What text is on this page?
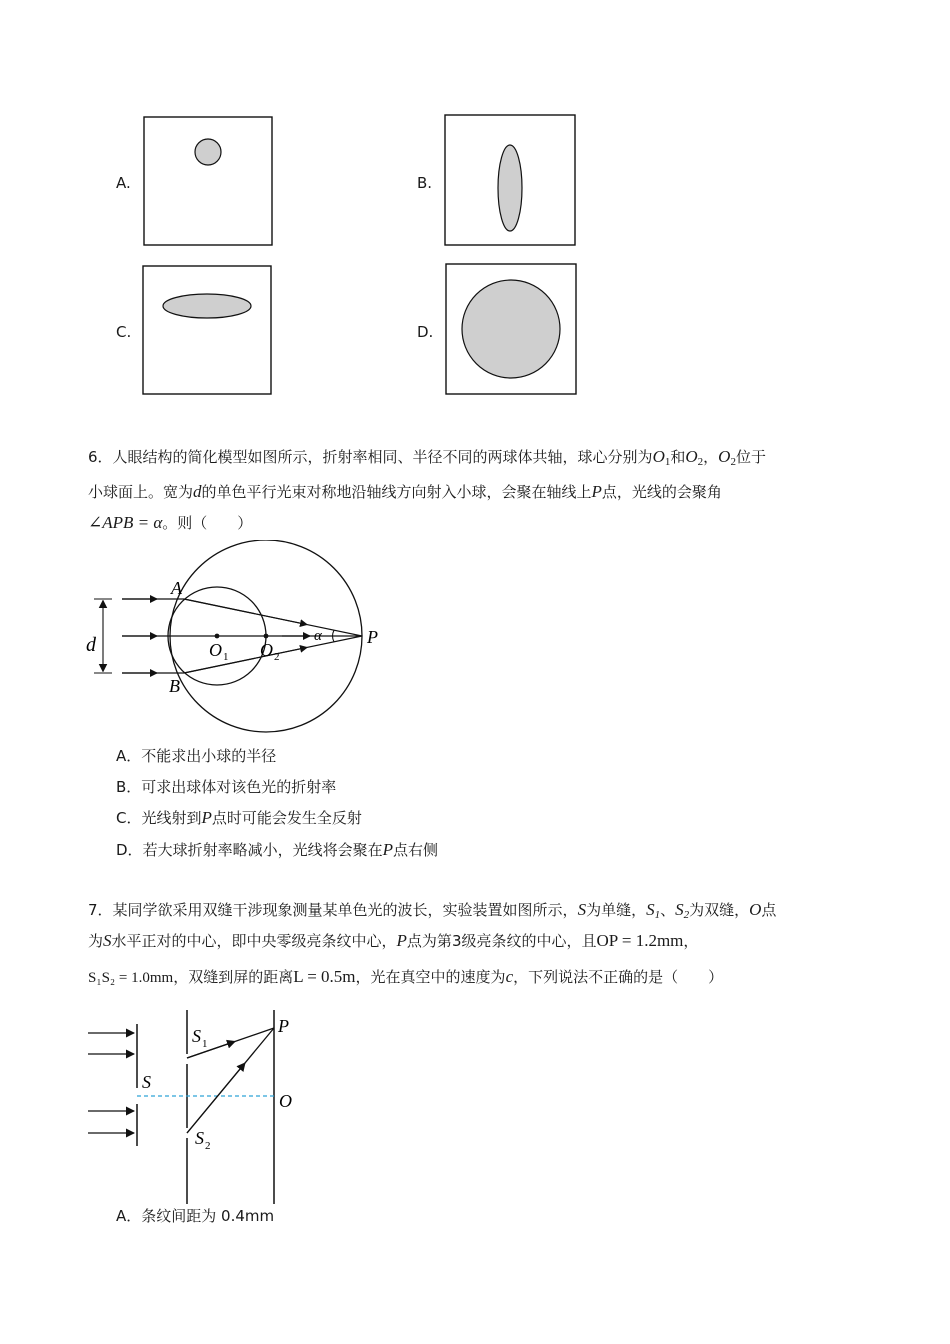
A.	B.
C.	D.
6．人眼结构的简化模型如图所示，折射率相同、半径不同的两球体共轴，球心分别为$O_1$和$O_2$，$O_2$位于
小球面上。宽为d的单色平行光束对称地沿轴线方向射入小球，会聚在轴线上P点，光线的会聚角
∠APB = α。则（　　）
d
A
B
O 1 O 2
α	P
A．不能求出小球的半径
B．可求出球体对该色光的折射率
C．光线射到P点时可能会发生全反射
D．若大球折射率略减小，光线将会聚在P点右侧
7．某同学欲采用双缝干涉现象测量某单色光的波长，实验装置如图所示，S为单缝，$S_1$、$S_2$为双缝，O点
为S水平正对的中心，即中央零级亮条纹中心，P点为第3级亮条纹的中心，且OP = 1.2mm，
S₁S₂ = 1.0mm，双缝到屏的距离L = 0.5m，光在真空中的速度为c，下列说法不正确的是（　　）
S
S 1
S 2
P
O
A．条纹间距为 0.4mm
